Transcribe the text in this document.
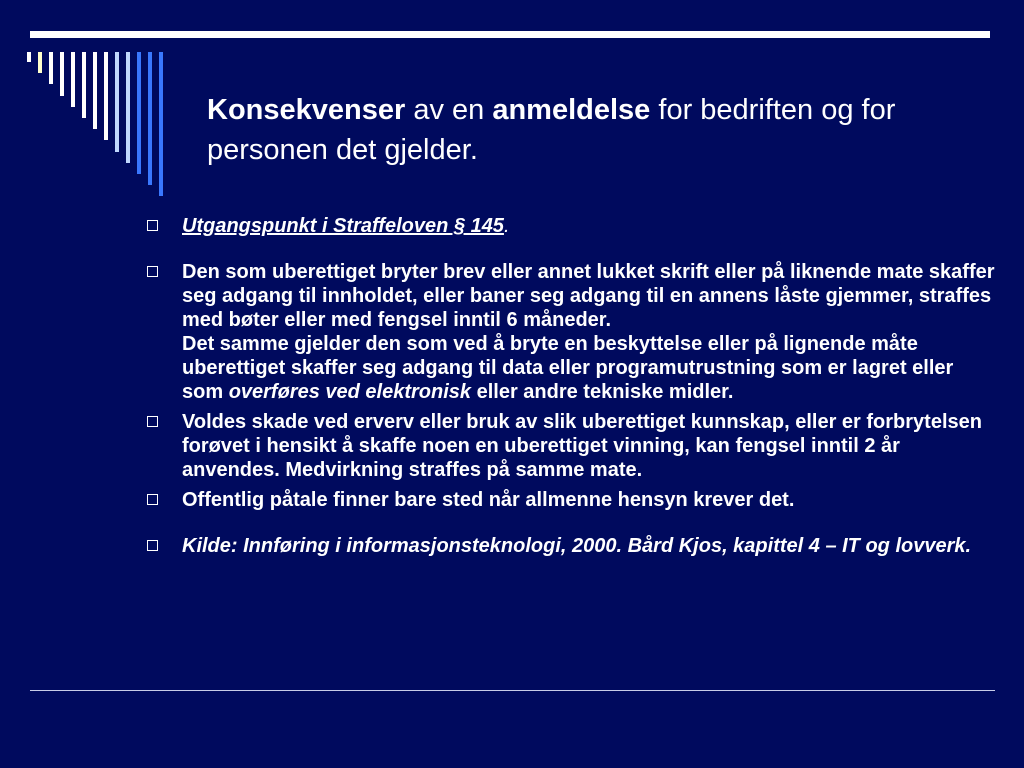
Konsekvenser av en anmeldelse for bedriften og for personen det gjelder.
Utgangspunkt i Straffeloven § 145.
Den som uberettiget bryter brev eller annet lukket skrift eller på liknende mate skaffer seg adgang til innholdet, eller baner seg adgang til en annens låste gjemmer, straffes med bøter eller med fengsel inntil 6 måneder.
Det samme gjelder den som ved å bryte en beskyttelse eller på lignende måte uberettiget skaffer seg adgang til data eller programutrustning som er lagret eller som overføres ved elektronisk eller andre tekniske midler.
Voldes skade ved erverv eller bruk av slik uberettiget kunnskap, eller er forbrytelsen forøvet i hensikt å skaffe noen en uberettiget vinning, kan fengsel inntil 2 år anvendes. Medvirkning straffes på samme mate.
Offentlig påtale finner bare sted når allmenne hensyn krever det.
Kilde: Innføring i informasjonsteknologi, 2000. Bård Kjos, kapittel 4 – IT og lovverk.
